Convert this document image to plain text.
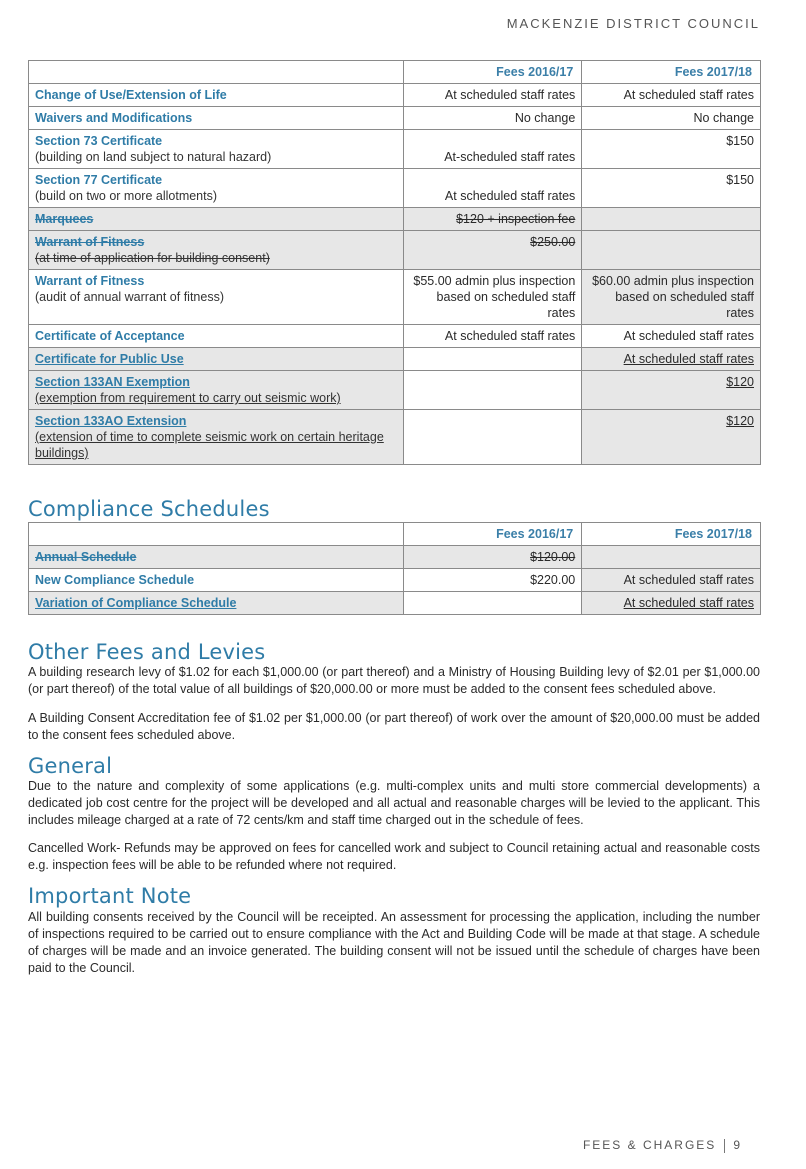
MACKENZIE DISTRICT COUNCIL
	Fees 2016/17	Fees 2017/18
Change of Use/Extension of Life	At scheduled staff rates	At scheduled staff rates
Waivers and Modifications	No change	No change

Section 73 Certificate
(building on land subject to natural hazard)	At-scheduled staff rates	$150

Section 77 Certificate
(build on two or more allotments)	At scheduled staff rates	$150
Marquees	$120 + inspection fee	

Warrant of Fitness
(at time of application for building consent)	$250.00	

Warrant of Fitness
(audit of annual warrant of fitness)	$55.00 admin plus inspection based on scheduled staff rates	$60.00 admin plus inspection based on scheduled staff rates
Certificate of Acceptance	At scheduled staff rates	At scheduled staff rates
Certificate for Public Use		At scheduled staff rates

Section 133AN Exemption
(exemption from requirement to carry out seismic work)		$120

Section 133AO Extension
(extension of time to complete seismic work on certain heritage buildings)		$120
Compliance Schedules
	Fees 2016/17	Fees 2017/18
Annual Schedule	$120.00	
New Compliance Schedule	$220.00	At scheduled staff rates
Variation of Compliance Schedule		At scheduled staff rates
Other Fees and Levies

A building research levy of $1.02 for each $1,000.00 (or part thereof) and a Ministry of Housing Building levy of $2.01 per $1,000.00 (or part thereof) of the total value of all buildings of $20,000.00 or more must be added to the consent fees scheduled above.

A Building Consent Accreditation fee of $1.02 per $1,000.00 (or part thereof) of work over the amount of $20,000.00 must be added to the consent fees scheduled above.

General

Due to the nature and complexity of some applications (e.g. multi-complex units and multi store commercial developments) a dedicated job cost centre for the project will be developed and all actual and reasonable charges will be levied to the applicant. This includes mileage charged at a rate of 72 cents/km and staff time charged out in the schedule of fees.

Cancelled Work- Refunds may be approved on fees for cancelled work and subject to Council retaining actual and reasonable costs e.g. inspection fees will be able to be refunded where not required.

Important Note

All building consents received by the Council will be receipted. An assessment for processing the application, including the number of inspections required to be carried out to ensure compliance with the Act and Building Code will be made at that stage. A schedule of charges will be made and an invoice generated. The building consent will not be issued until the schedule of charges have been paid to the Council.

FEES & CHARGES 9
